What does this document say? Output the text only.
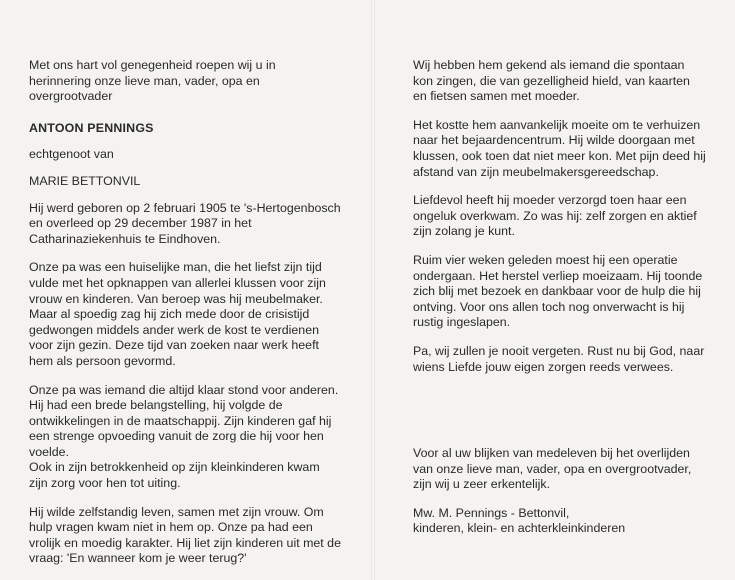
Met ons hart vol genegenheid roepen wij u in herinnering onze lieve man, vader, opa en overgrootvader

ANTOON PENNINGS

echtgenoot van

MARIE BETTONVIL

Hij werd geboren op 2 februari 1905 te 's-Hertogenbosch en overleed op 29 december 1987 in het Catharinaziekenhuis te Eindhoven.

Onze pa was een huiselijke man, die het liefst zijn tijd vulde met het opknappen van allerlei klussen voor zijn vrouw en kinderen. Van beroep was hij meubelmaker. Maar al spoedig zag hij zich mede door de crisistijd gedwongen middels ander werk de kost te verdienen voor zijn gezin. Deze tijd van zoeken naar werk heeft hem als persoon gevormd.

Onze pa was iemand die altijd klaar stond voor anderen. Hij had een brede belangstelling, hij volgde de ontwikkelingen in de maatschappij. Zijn kinderen gaf hij een strenge opvoeding vanuit de zorg die hij voor hen voelde.
Ook in zijn betrokkenheid op zijn kleinkinderen kwam zijn zorg voor hen tot uiting.

Hij wilde zelfstandig leven, samen met zijn vrouw. Om hulp vragen kwam niet in hem op. Onze pa had een vrolijk en moedig karakter. Hij liet zijn kinderen uit met de vraag: 'En wanneer kom je weer terug?'

Wij hebben hem gekend als iemand die spontaan kon zingen, die van gezelligheid hield, van kaarten en fietsen samen met moeder.

Het kostte hem aanvankelijk moeite om te verhuizen naar het bejaardencentrum. Hij wilde doorgaan met klussen, ook toen dat niet meer kon. Met pijn deed hij afstand van zijn meubelmakersgereedschap.

Liefdevol heeft hij moeder verzorgd toen haar een ongeluk overkwam. Zo was hij: zelf zorgen en aktief zijn zolang je kunt.

Ruim vier weken geleden moest hij een operatie ondergaan. Het herstel verliep moeizaam. Hij toonde zich blij met bezoek en dankbaar voor de hulp die hij ontving. Voor ons allen toch nog onverwacht is hij rustig ingeslapen.

Pa, wij zullen je nooit vergeten. Rust nu bij God, naar wiens Liefde jouw eigen zorgen reeds verwees.

Voor al uw blijken van medeleven bij het overlijden van onze lieve man, vader, opa en overgrootvader, zijn wij u zeer erkentelijk.

Mw. M. Pennings - Bettonvil,
kinderen, klein- en achterkleinkinderen
